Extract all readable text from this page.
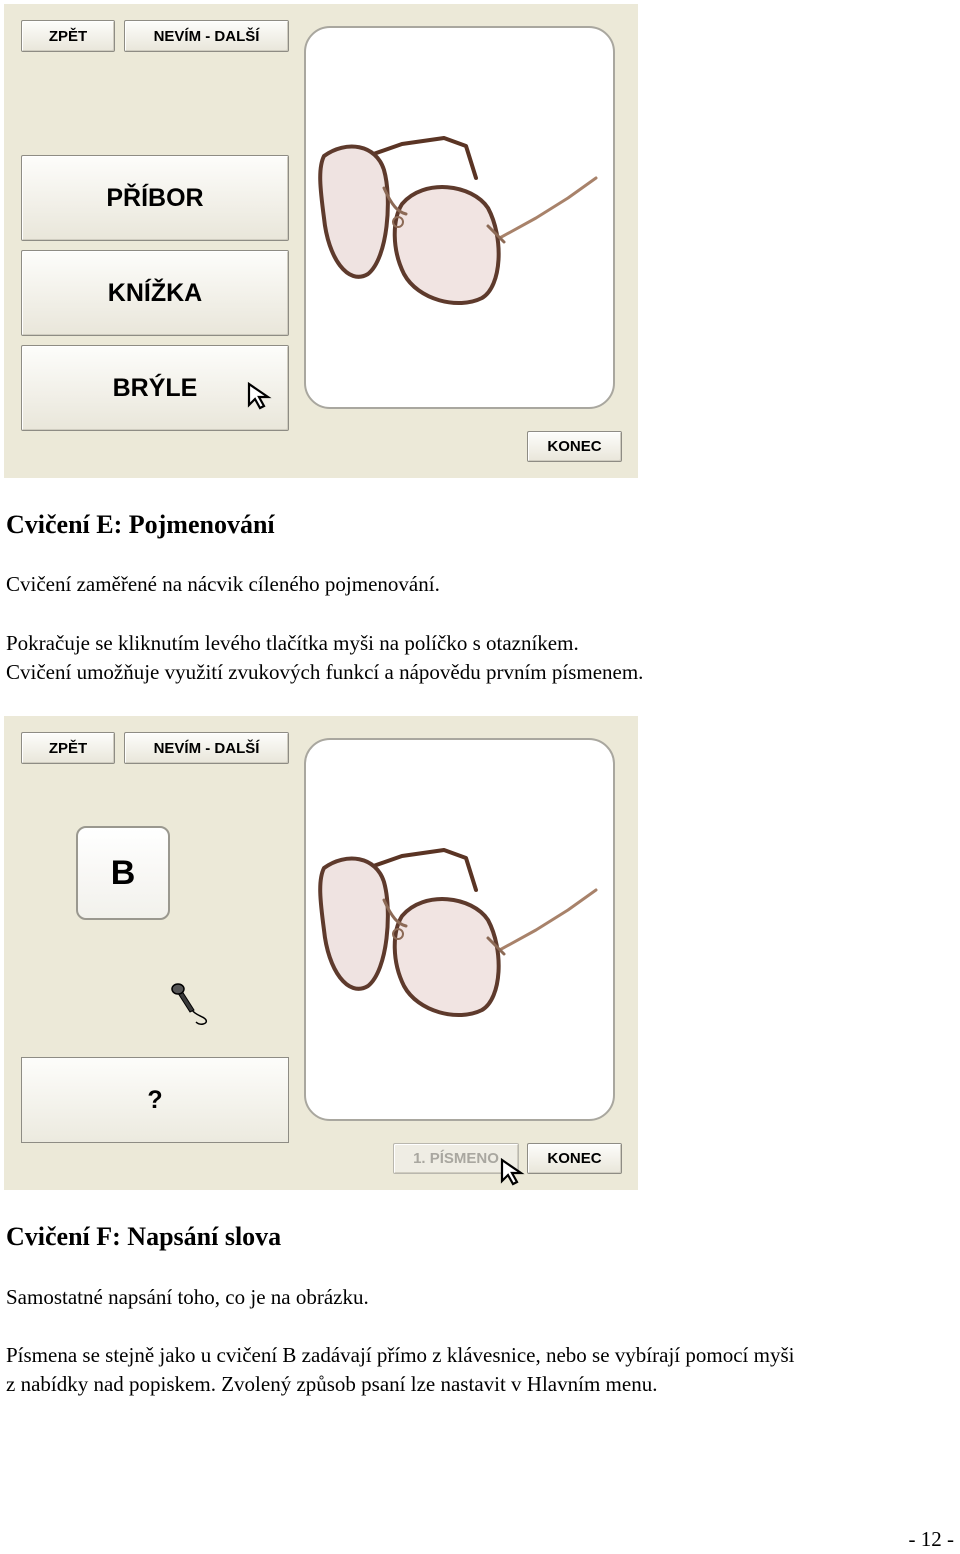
ZPĚT	NEVÍM - DALŠÍ
PŘÍBOR
KNÍŽKA
BRÝLE
KONEC
Cvičení E: Pojmenování

Cvičení zaměřené na nácvik cíleného pojmenování.

Pokračuje se kliknutím levého tlačítka myši na políčko s otazníkem.
Cvičení umožňuje využití zvukových funkcí a nápovědu prvním písmenem.

ZPĚT	NEVÍM - DALŠÍ
B
?
1. PÍSMENO	KONEC
Cvičení F: Napsání slova

Samostatné napsání toho, co je na obrázku.

Písmena se stejně jako u cvičení B zadávají přímo z klávesnice, nebo se vybírají pomocí myši
z nabídky nad popiskem. Zvolený způsob psaní lze nastavit v Hlavním menu.

- 12 -
